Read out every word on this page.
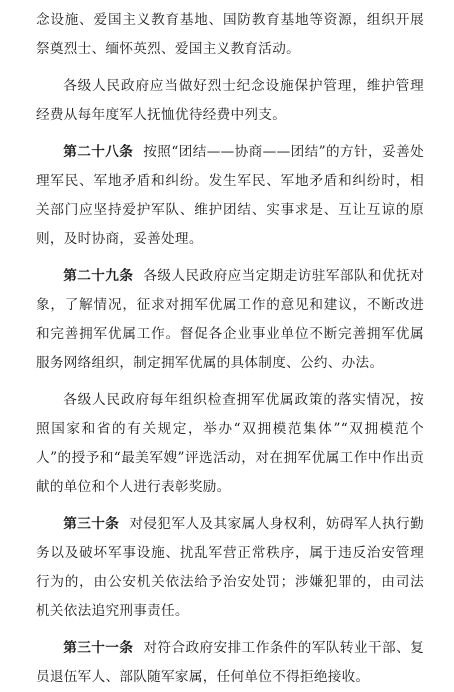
念设施、爱国主义教育基地、国防教育基地等资源，组织开展祭奠烈士、缅怀英烈、爱国主义教育活动。

各级人民政府应当做好烈士纪念设施保护管理，维护管理经费从每年度军人抚恤优待经费中列支。

第二十八条 按照“团结——协商——团结”的方针，妥善处理军民、军地矛盾和纠纷。发生军民、军地矛盾和纠纷时，相关部门应坚持爱护军队、维护团结、实事求是、互让互谅的原则，及时协商，妥善处理。

第二十九条 各级人民政府应当定期走访驻军部队和优抚对象，了解情况，征求对拥军优属工作的意见和建议，不断改进和完善拥军优属工作。督促各企业事业单位不断完善拥军优属服务网络组织，制定拥军优属的具体制度、公约、办法。

各级人民政府每年组织检查拥军优属政策的落实情况，按照国家和省的有关规定，举办“双拥模范集体”“双拥模范个人”的授予和“最美军嫂”评选活动，对在拥军优属工作中作出贡献的单位和个人进行表彰奖励。

第三十条 对侵犯军人及其家属人身权利，妨碍军人执行勤务以及破坏军事设施、扰乱军营正常秩序，属于违反治安管理行为的，由公安机关依法给予治安处罚；涉嫌犯罪的，由司法机关依法追究刑事责任。

第三十一条 对符合政府安排工作条件的军队转业干部、复员退伍军人、部队随军家属，任何单位不得拒绝接收。
